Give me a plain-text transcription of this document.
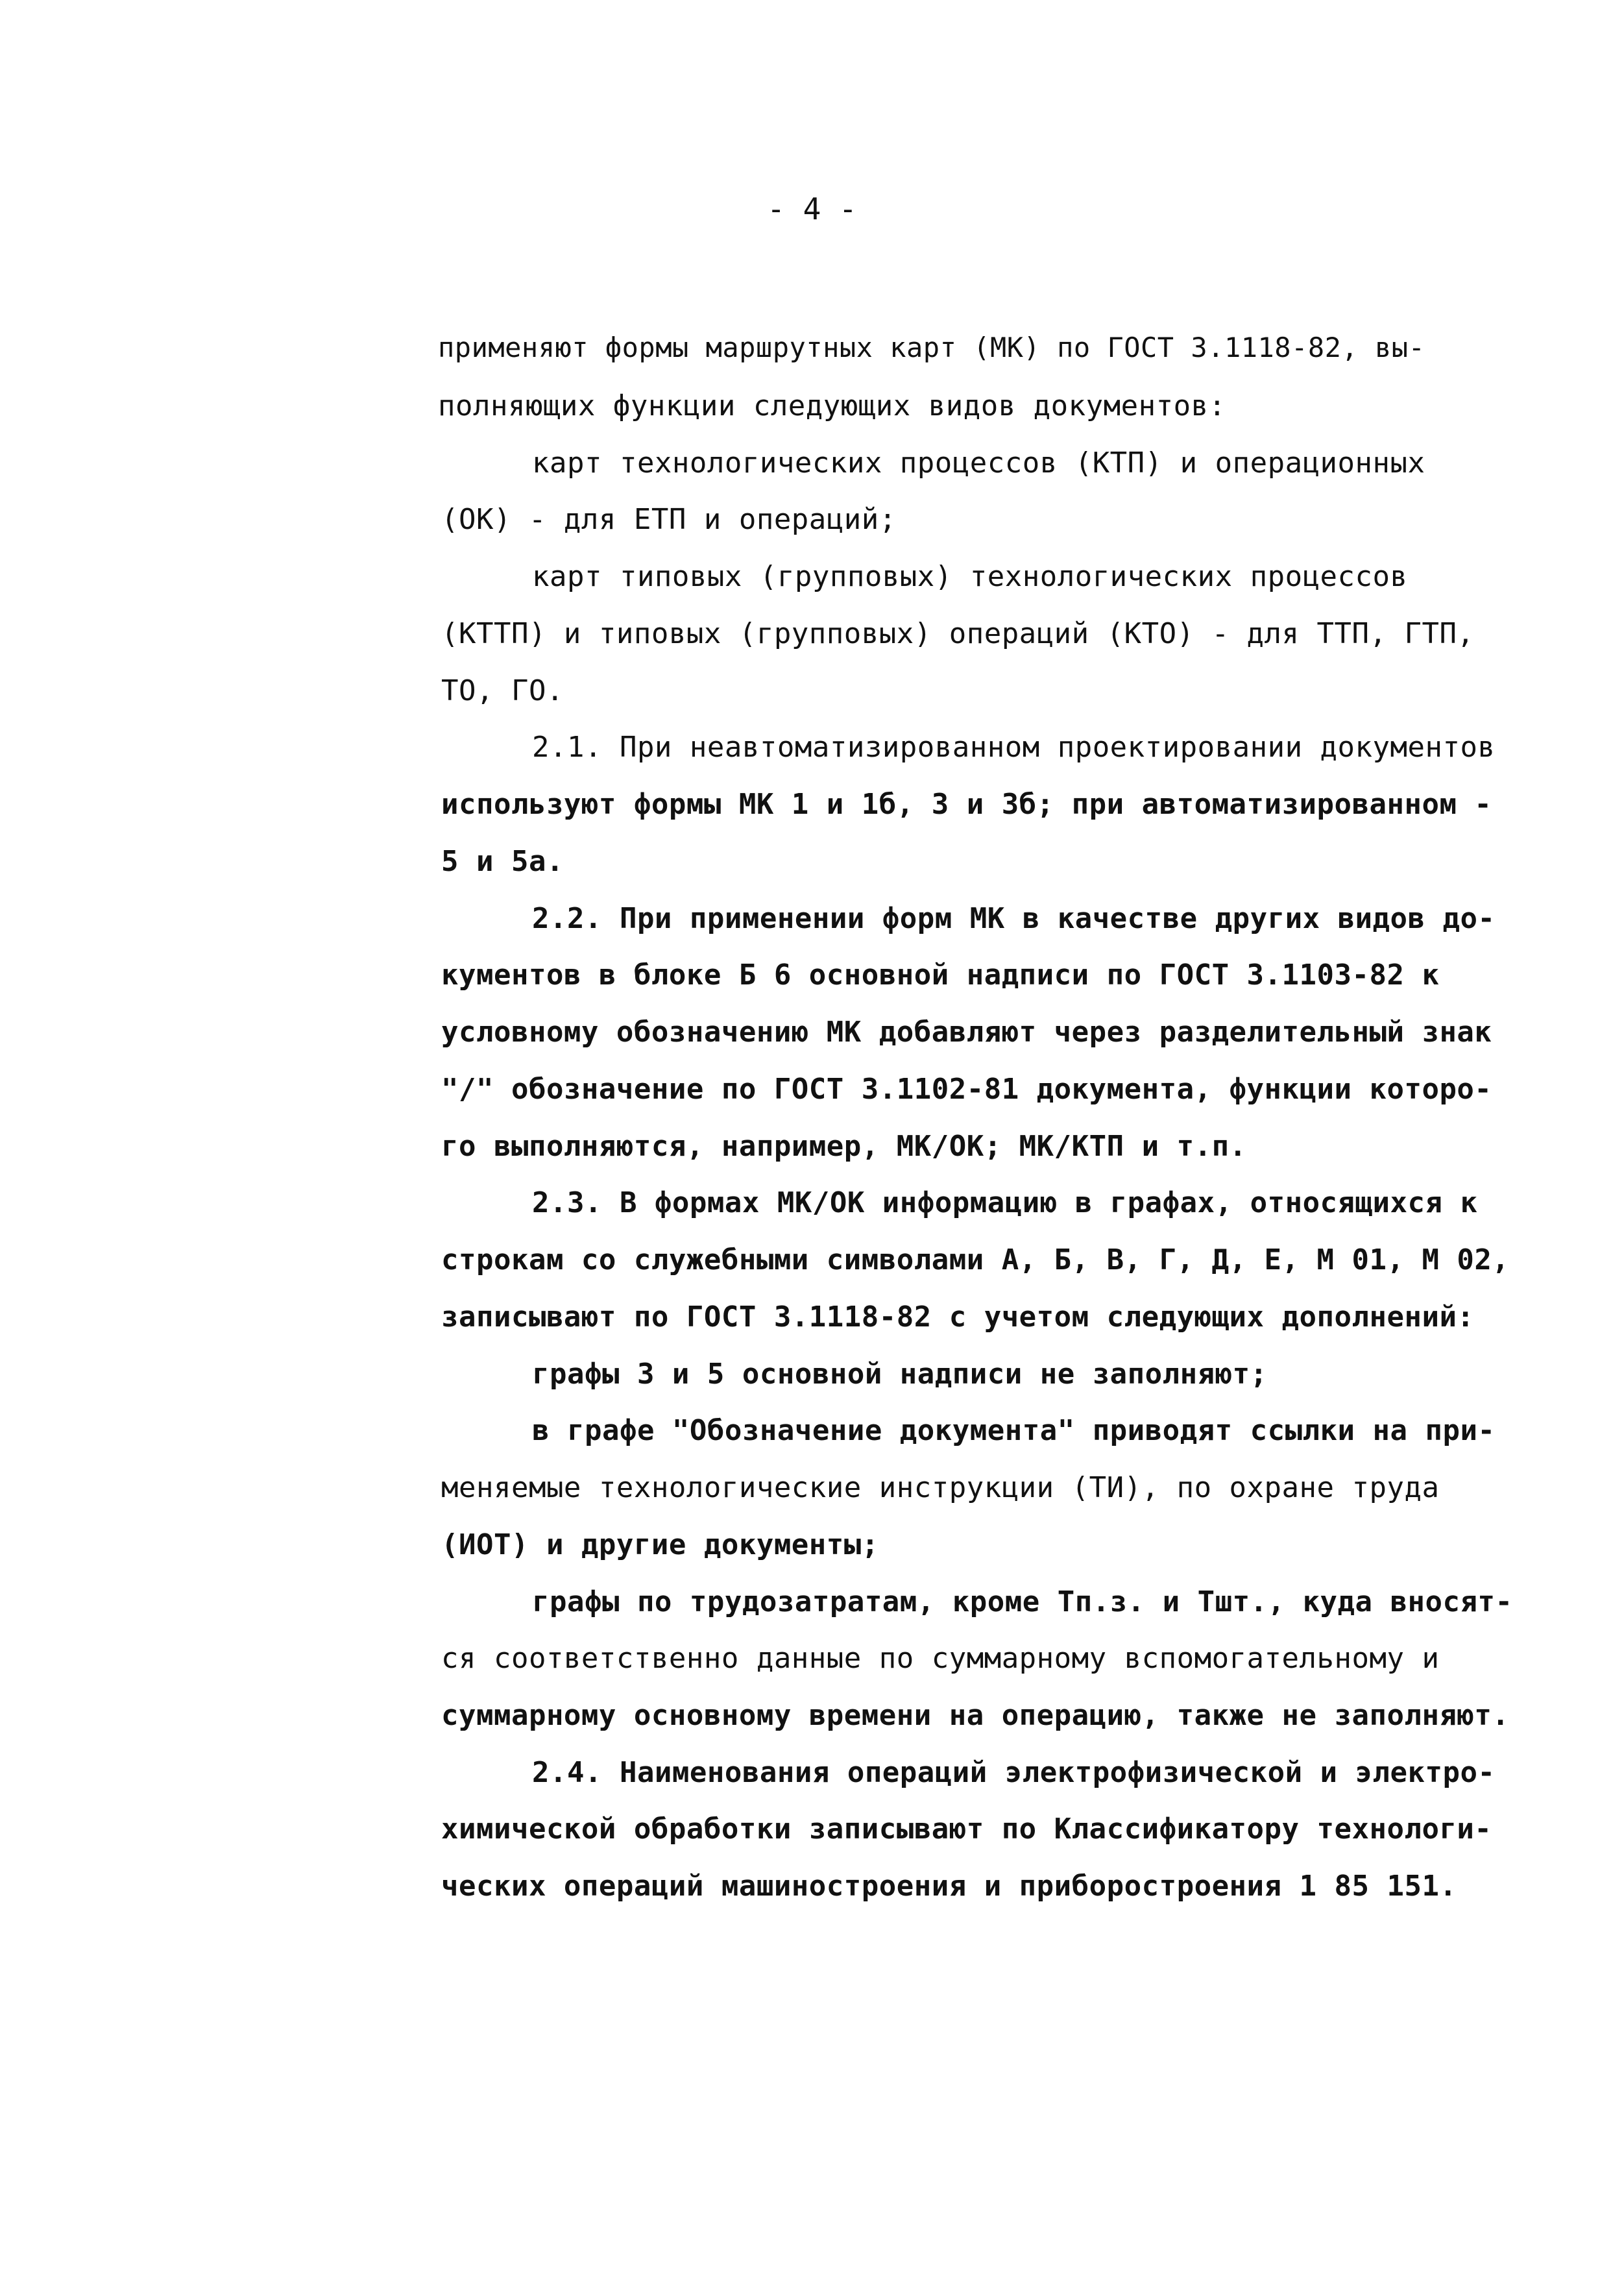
- 4 -
применяют формы маршрутных карт (МК) по ГОСТ 3.1118-82, вы-
полняющих функции следующих видов документов:
карт технологических процессов (КТП) и операционных
(ОК) - для ЕТП и операций;
карт типовых (групповых) технологических процессов
(КТТП) и типовых (групповых) операций (КТО) - для ТТП, ГТП,
ТО, ГО.
2.1. При неавтоматизированном проектировании документов
используют формы МК 1 и 1б, 3 и 3б; при автоматизированном -
5 и 5а.
2.2. При применении форм МК в качестве других видов до-
кументов в блоке Б 6 основной надписи по ГОСТ 3.1103-82 к
условному обозначению МК добавляют через разделительный знак
"/" обозначение по ГОСТ 3.1102-81 документа, функции которо-
го выполняются, например, МК/ОК; МК/КТП и т.п.
2.3. В формах МК/ОК информацию в графах, относящихся к
строкам со служебными символами А, Б, В, Г, Д, Е, М 01, М 02,
записывают по ГОСТ 3.1118-82 с учетом следующих дополнений:
графы 3 и 5 основной надписи не заполняют;
в графе "Обозначение документа" приводят ссылки на при-
меняемые технологические инструкции (ТИ), по охране труда
(ИОТ) и другие документы;
графы по трудозатратам, кроме Тп.з. и Тшт., куда вносят-
ся соответственно данные по суммарному вспомогательному и
суммарному основному времени на операцию, также не заполняют.
2.4. Наименования операций электрофизической и электро-
химической обработки записывают по Классификатору технологи-
ческих операций машиностроения и приборостроения 1 85 151.
